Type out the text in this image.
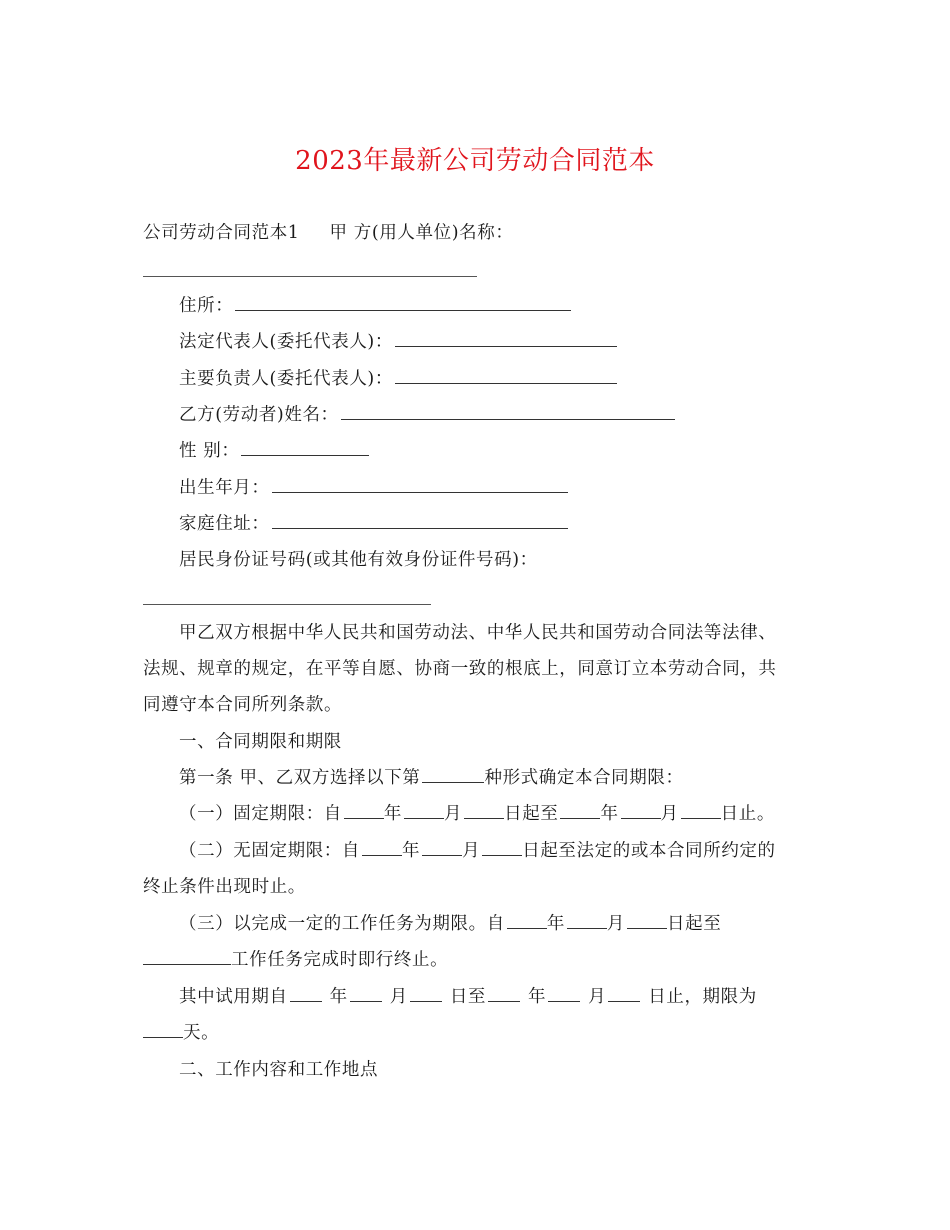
2023年最新公司劳动合同范本
公司劳动合同范本1 甲 方(用人单位)名称：
住所：
法定代表人(委托代表人)：
主要负责人(委托代表人)：
乙方(劳动者)姓名：
性 别：
出生年月：
家庭住址：
居民身份证号码(或其他有效身份证件号码)：
甲乙双方根据中华人民共和国劳动法、中华人民共和国劳动合同法等法律、
法规、规章的规定，在平等自愿、协商一致的根底上，同意订立本劳动合同，共
同遵守本合同所列条款。
一、合同期限和期限
第一条 甲、乙双方选择以下第	种形式确定本合同期限：
（一）固定期限：自 年 月 日起至 年 月 日止。
（二）无固定期限：自 年 月 日起至法定的或本合同所约定的
终止条件出现时止。
（三）以完成一定的工作任务为期限。自 年 月 日起至
工作任务完成时即行终止。
其中试用期自 年 月 日至 年 月 日止，期限为
天。
二、工作内容和工作地点
